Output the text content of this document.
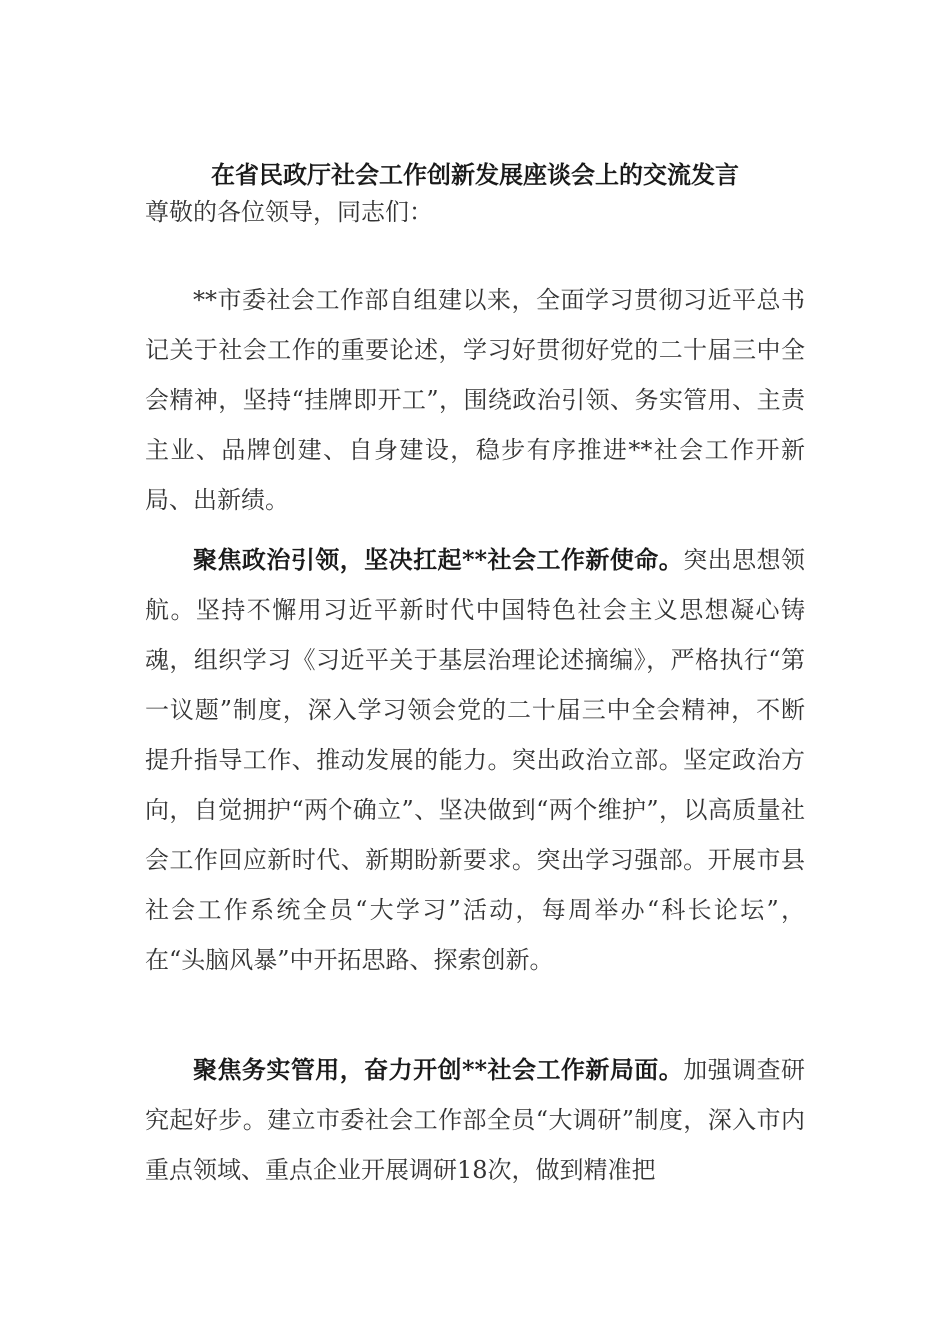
在省民政厅社会工作创新发展座谈会上的交流发言

尊敬的各位领导，同志们：

**市委社会工作部自组建以来，全面学习贯彻习近平总书记关于社会工作的重要论述，学习好贯彻好党的二十届三中全会精神，坚持“挂牌即开工”，围绕政治引领、务实管用、主责主业、品牌创建、自身建设，稳步有序推进**社会工作开新局、出新绩。

聚焦政治引领，坚决扛起**社会工作新使命。突出思想领航。坚持不懈用习近平新时代中国特色社会主义思想凝心铸魂，组织学习《习近平关于基层治理论述摘编》，严格执行“第一议题”制度，深入学习领会党的二十届三中全会精神，不断提升指导工作、推动发展的能力。突出政治立部。坚定政治方向，自觉拥护“两个确立”、坚决做到“两个维护”，以高质量社会工作回应新时代、新期盼新要求。突出学习强部。开展市县社会工作系统全员“大学习”活动，每周举办“科长论坛”，在“头脑风暴”中开拓思路、探索创新。

聚焦务实管用，奋力开创**社会工作新局面。加强调查研究起好步。建立市委社会工作部全员“大调研”制度，深入市内重点领域、重点企业开展调研18次，做到精准把
